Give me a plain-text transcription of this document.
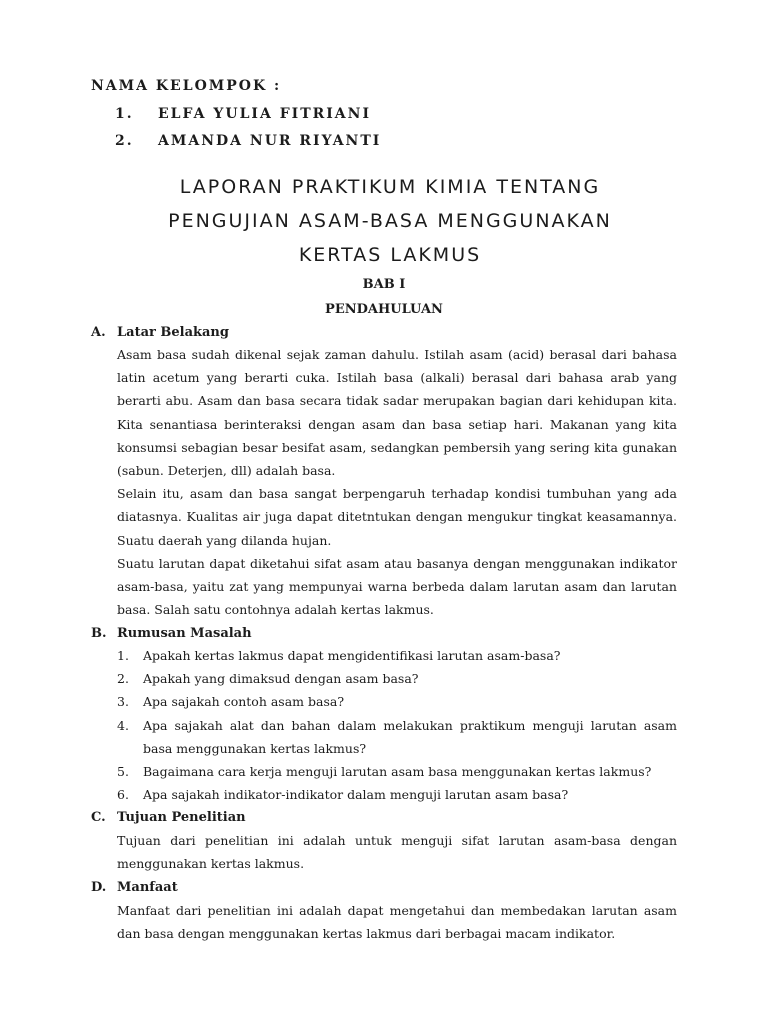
NAMA KELOMPOK :
1. ELFA YULIA FITRIANI
2. AMANDA NUR RIYANTI
LAPORAN PRAKTIKUM KIMIA TENTANG
PENGUJIAN ASAM-BASA MENGGUNAKAN
KERTAS LAKMUS
BAB I
PENDAHULUAN
A. Latar Belakang
Asam basa sudah dikenal sejak zaman dahulu. Istilah asam (acid) berasal dari bahasa
latin acetum yang berarti cuka. Istilah basa (alkali) berasal dari bahasa arab yang
berarti abu. Asam dan basa secara tidak sadar merupakan bagian dari kehidupan kita.
Kita senantiasa berinteraksi dengan asam dan basa setiap hari. Makanan yang kita
konsumsi sebagian besar besifat asam, sedangkan pembersih yang sering kita gunakan
(sabun. Deterjen, dll) adalah basa.
Selain itu, asam dan basa sangat berpengaruh terhadap kondisi tumbuhan yang ada
diatasnya. Kualitas air juga dapat ditetntukan dengan mengukur tingkat keasamannya.
Suatu daerah yang dilanda hujan.
Suatu larutan dapat diketahui sifat asam atau basanya dengan menggunakan indikator
asam-basa, yaitu zat yang mempunyai warna berbeda dalam larutan asam dan larutan
basa. Salah satu contohnya adalah kertas lakmus.
B. Rumusan Masalah
1. Apakah kertas lakmus dapat mengidentifikasi larutan asam-basa?
2. Apakah yang dimaksud dengan asam basa?
3. Apa sajakah contoh asam basa?
4. Apa sajakah alat dan bahan dalam melakukan praktikum menguji larutan asam
basa menggunakan kertas lakmus?
5. Bagaimana cara kerja menguji larutan asam basa menggunakan kertas lakmus?
6. Apa sajakah indikator-indikator dalam menguji larutan asam basa?
C. Tujuan Penelitian
Tujuan dari penelitian ini adalah untuk menguji sifat larutan asam-basa dengan
menggunakan kertas lakmus.
D. Manfaat
Manfaat dari penelitian ini adalah dapat mengetahui dan membedakan larutan asam
dan basa dengan menggunakan kertas lakmus dari berbagai macam indikator.
